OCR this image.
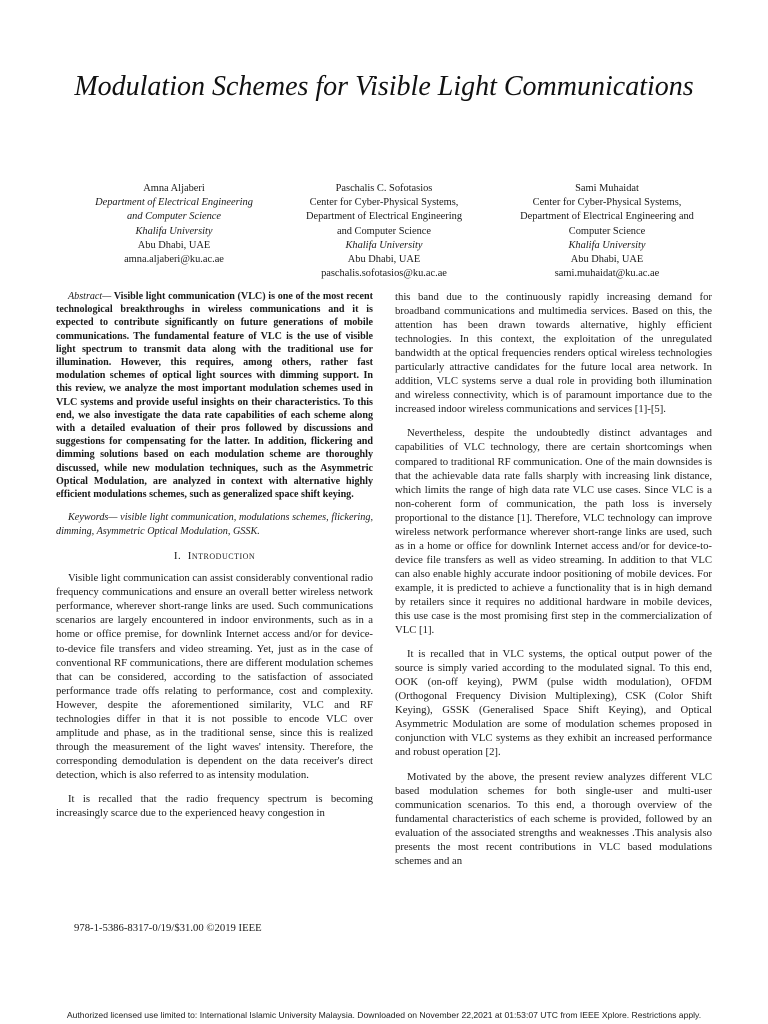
Modulation Schemes for Visible Light Communications
Amna Aljaberi
Department of Electrical Engineering
and Computer Science
Khalifa University
Abu Dhabi, UAE
amna.aljaberi@ku.ac.ae
Paschalis C. Sofotasios
Center for Cyber-Physical Systems,
Department of Electrical Engineering
and Computer Science
Khalifa University
Abu Dhabi, UAE
paschalis.sofotasios@ku.ac.ae
Sami Muhaidat
Center for Cyber-Physical Systems,
Department of Electrical Engineering and
Computer Science
Khalifa University
Abu Dhabi, UAE
sami.muhaidat@ku.ac.ae

Abstract— Visible light communication (VLC) is one of the most recent technological breakthroughs in wireless communications and it is expected to contribute significantly on future generations of mobile communications. The fundamental feature of VLC is the use of visible light spectrum to transmit data along with the traditional use for illumination. However, this requires, among others, rather fast modulation schemes of optical light sources with dimming support. In this review, we analyze the most important modulation schemes used in VLC systems and provide useful insights on their characteristics. To this end, we also investigate the data rate capabilities of each scheme along with a detailed evaluation of their pros followed by discussions and suggestions for compensating for the latter. In addition, flickering and dimming solutions based on each modulation scheme are thoroughly discussed, while new modulation techniques, such as the Asymmetric Optical Modulation, are analyzed in context with alternative highly efficient modulations schemes, such as generalized space shift keying.

Keywords— visible light communication, modulations schemes, flickering, dimming, Asymmetric Optical Modulation, GSSK.

I. Introduction

Visible light communication can assist considerably conventional radio frequency communications and ensure an overall better wireless network performance, wherever short-range links are used. Such communications scenarios are largely encountered in indoor environments, such as in a home or office premise, for downlink Internet access and/or for device-to-device file transfers and video streaming. Yet, just as in the case of conventional RF communications, there are different modulation schemes that can be considered, according to the satisfaction of associated performance trade offs relating to performance, cost and complexity. However, despite the aforementioned similarity, VLC and RF technologies differ in that it is not possible to encode VLC over amplitude and phase, as in the traditional sense, since this is realized through the measurement of the light waves' intensity. Therefore, the corresponding demodulation is dependent on the data receiver's direct detection, which is also referred to as intensity modulation.

It is recalled that the radio frequency spectrum is becoming increasingly scarce due to the experienced heavy congestion in

this band due to the continuously rapidly increasing demand for broadband communications and multimedia services. Based on this, the attention has been drawn towards alternative, highly efficient technologies. In this context, the exploitation of the unregulated bandwidth at the optical frequencies renders optical wireless technologies particularly attractive candidates for the future local area network. In addition, VLC systems serve a dual role in providing both illumination and wireless connectivity, which is of paramount importance due to the increased indoor wireless communications and services [1]-[5].

Nevertheless, despite the undoubtedly distinct advantages and capabilities of VLC technology, there are certain shortcomings when compared to traditional RF communication. One of the main downsides is that the achievable data rate falls sharply with increasing link distance, which limits the range of high data rate VLC use cases. Since VLC is a non-coherent form of communication, the path loss is inversely proportional to the distance [1]. Therefore, VLC technology can improve wireless network performance wherever short-range links are used, such as in a home or office for downlink Internet access and/or for device-to-device file transfers as well as video streaming. In addition to that VLC can also enable highly accurate indoor positioning of mobile devices. For example, it is predicted to achieve a functionality that is in high demand by retailers since it requires no additional hardware in mobile devices, this use case is the most promising first step in the commercialization of VLC [1].

It is recalled that in VLC systems, the optical output power of the source is simply varied according to the modulated signal. To this end, OOK (on-off keying), PWM (pulse width modulation), OFDM (Orthogonal Frequency Division Multiplexing), CSK (Color Shift Keying), GSSK (Generalised Space Shift Keying), and Optical Asymmetric Modulation are some of modulation schemes proposed in conjunction with VLC systems as they exhibit an increased performance and robust operation [2].

Motivated by the above, the present review analyzes different VLC based modulation schemes for both single-user and multi-user communication scenarios. To this end, a thorough overview of the fundamental characteristics of each scheme is provided, followed by an evaluation of the associated strengths and weaknesses .This analysis also presents the most recent contributions in VLC based modulations schemes and an

978-1-5386-8317-0/19/$31.00 ©2019 IEEE
Authorized licensed use limited to: International Islamic University Malaysia. Downloaded on November 22,2021 at 01:53:07 UTC from IEEE Xplore. Restrictions apply.
